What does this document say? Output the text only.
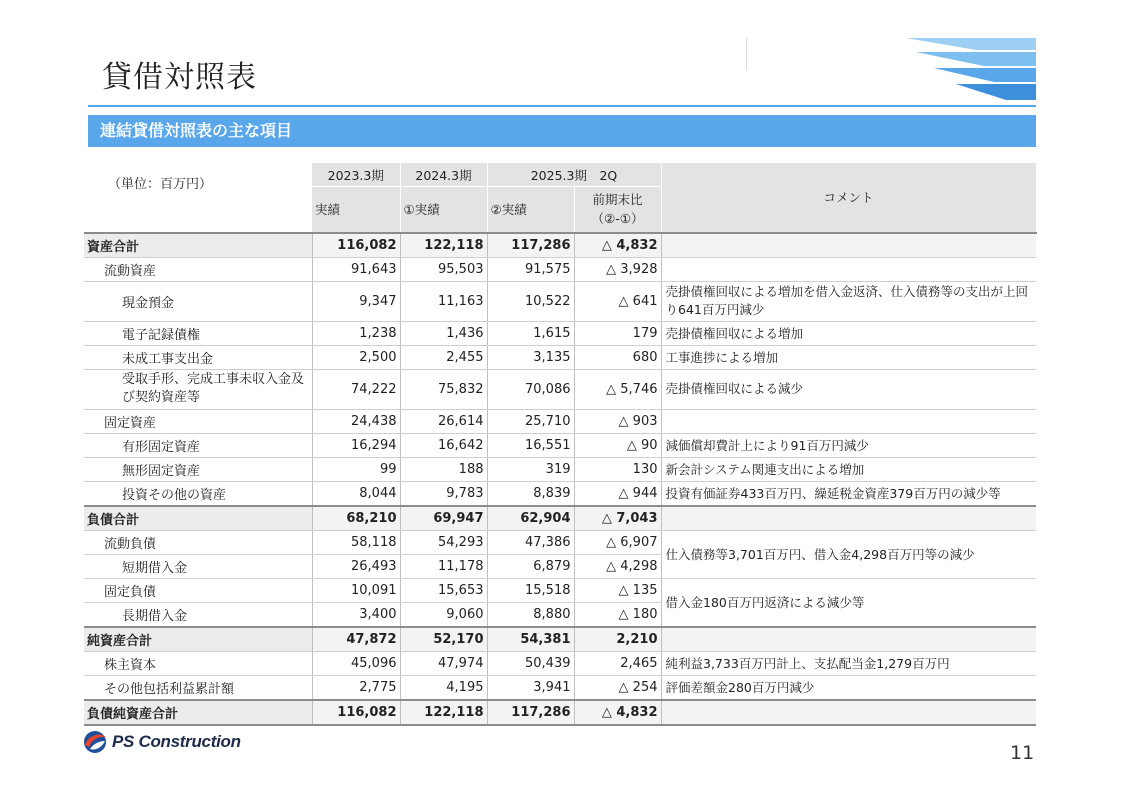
貸借対照表
連結貸借対照表の主な項目
	2023.3期	2024.3期	2025.3期　2Q		コメント
	実績	①実績	②実績	前期末比
（②-①）	

資産合計	116,082	122,118	117,286	△ 4,832	
流動資産	91,643	95,503	91,575	△ 3,928	
現金預金	9,347	11,163	10,522	△ 641	売掛債権回収による増加を借入金返済、仕入債務等の支出が上回り641百万円減少
電子記録債権	1,238	1,436	1,615	179	売掛債権回収による増加
未成工事支出金	2,500	2,455	3,135	680	工事進捗による増加
受取手形、完成工事未収入金及び契約資産等	74,222	75,832	70,086	△ 5,746	売掛債権回収による減少
固定資産	24,438	26,614	25,710	△ 903	
有形固定資産	16,294	16,642	16,551	△ 90	減価償却費計上により91百万円減少
無形固定資産	99	188	319	130	新会計システム関連支出による増加
投資その他の資産	8,044	9,783	8,839	△ 944	投資有価証券433百万円、繰延税金資産379百万円の減少等
負債合計	68,210	69,947	62,904	△ 7,043	
流動負債	58,118	54,293	47,386	△ 6,907	仕入債務等3,701百万円、借入金4,298百万円等の減少
短期借入金	26,493	11,178	6,879	△ 4,298	
固定負債	10,091	15,653	15,518	△ 135	借入金180百万円返済による減少等
長期借入金	3,400	9,060	8,880	△ 180	
純資産合計	47,872	52,170	54,381	2,210	
株主資本	45,096	47,974	50,439	2,465	純利益3,733百万円計上、支払配当金1,279百万円
その他包括利益累計額	2,775	4,195	3,941	△ 254	評価差額金280百万円減少
負債純資産合計	116,082	122,118	117,286	△ 4,832	
（単位：百万円）
PS Construction
11
